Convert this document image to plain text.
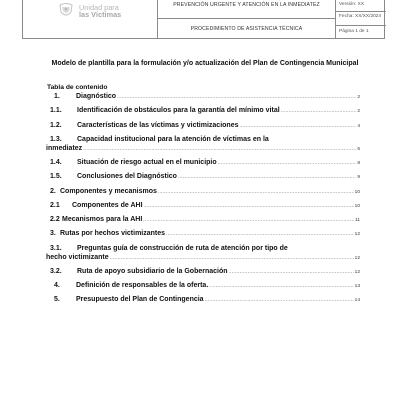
Unidad para
las Víctimas
PREVENCIÓN URGENTE Y ATENCIÓN EN LA INMEDIATEZ
PROCEDIMIENTO DE ASISTENCIA TÉCNICA
Versión: XX
Fecha: XX/XX/2024
Página 1 de 1
Modelo de plantilla para la formulación y/o actualización del Plan de Contingencia Municipal
Tabla de contenido
1.	Diagnóstico .....	2
1.1.	Identificación de obstáculos para la garantía del mínimo vital .....	2
1.2.	Características de las víctimas y victimizaciones .....	4
1.3. Capacidad institucional para la atención de víctimas en la
inmediatez .....	6
1.4.	Situación de riesgo actual en el municipio .....	8
1.5.	Conclusiones del Diagnóstico .....	9
2. Componentes y mecanismos .....	10
2.1	Componentes de AHI .....	10
2.2 Mecanismos para la AHI .....	11
3. Rutas por hechos victimizantes .....	12
3.1. Preguntas guía de construcción de ruta de atención por tipo de
hecho victimizante .....	12
3.2.	Ruta de apoyo subsidiario de la Gobernación .....	12
4.	Definición de responsables de la oferta. .....	13
5.	Presupuesto del Plan de Contingencia .....	14
